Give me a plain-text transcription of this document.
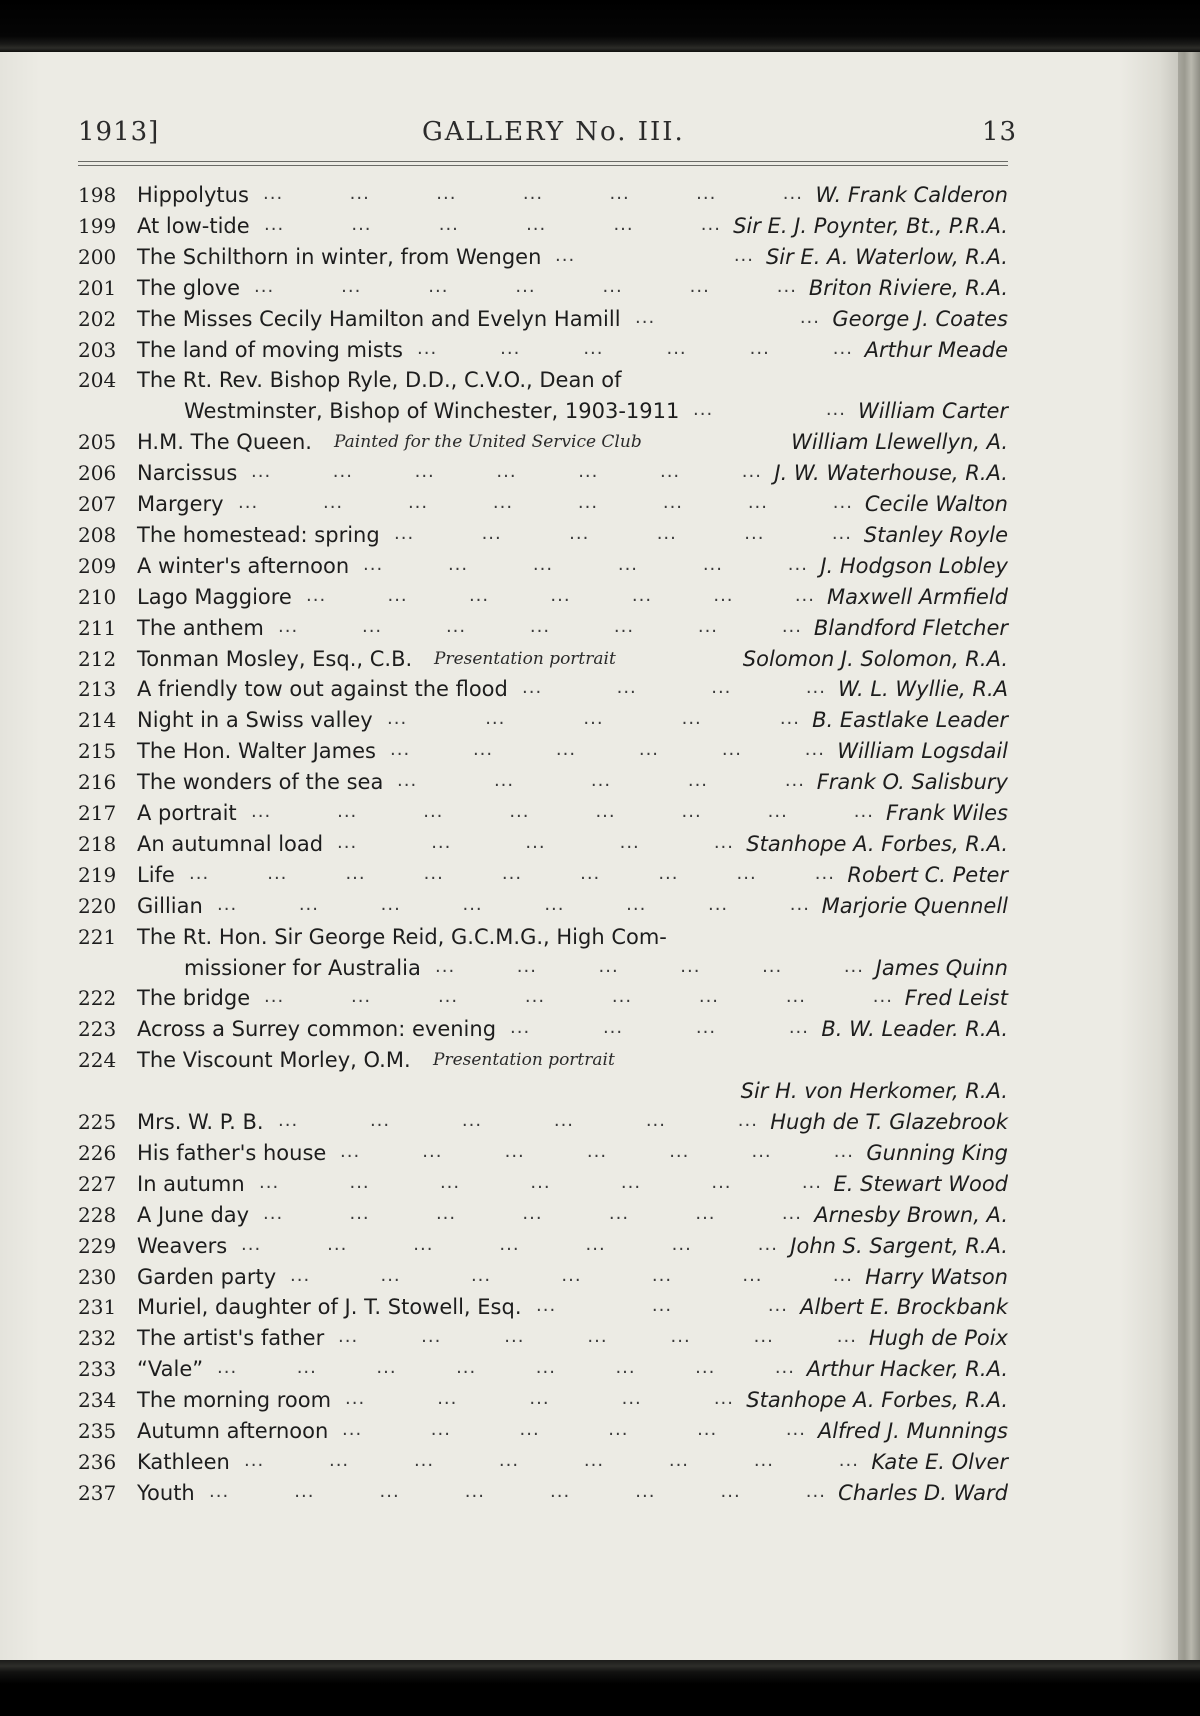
1913]	GALLERY No. III.	13
198 Hippolytus	W. Frank Calderon
...	...	...	...	...	...	...
199 At low-tide	Sir E. J. Poynter, Bt., P.R.A.
...	...	...	...	...	...
200 The Schilthorn in winter, from Wengen	Sir E. A. Waterlow, R.A.
...	...
201 The glove	Briton Riviere, R.A.
...	...	...	...	...	...	...
202 The Misses Cecily Hamilton and Evelyn Hamill	George J. Coates
...	...
203 The land of moving mists	Arthur Meade
...	...	...	...	...	...
204 The Rt. Rev. Bishop Ryle, D.D., C.V.O., Dean of
Westminster, Bishop of Winchester, 1903-1911	William Carter
...	...
205 H.M. The Queen. Painted for the United Service Club	William Llewellyn, A.
206 Narcissus	J. W. Waterhouse, R.A.
...	...	...	...	...	...	...
207 Margery	Cecile Walton
...	...	...	...	...	...	...	...
208 The homestead: spring	Stanley Royle
...	...	...	...	...	...
209 A winter's afternoon	J. Hodgson Lobley
...	...	...	...	...	...
210 Lago Maggiore	Maxwell Armfield
...	...	...	...	...	...	...
211 The anthem	Blandford Fletcher
...	...	...	...	...	...	...
212 Tonman Mosley, Esq., C.B. Presentation portrait	Solomon J. Solomon, R.A.
213 A friendly tow out against the flood	W. L. Wyllie, R.A
...	...	...	...
214 Night in a Swiss valley	B. Eastlake Leader
...	...	...	...	...
215 The Hon. Walter James	William Logsdail
...	...	...	...	...	...
216 The wonders of the sea	Frank O. Salisbury
...	...	...	...	...
217 A portrait	Frank Wiles
...	...	...	...	...	...	...	...
218 An autumnal load	Stanhope A. Forbes, R.A.
...	...	...	...	...
219 Life	Robert C. Peter
...	...	...	...	...	...	...	...	...
220 Gillian	Marjorie Quennell
...	...	...	...	...	...	...	...
221 The Rt. Hon. Sir George Reid, G.C.M.G., High Com-
missioner for Australia	James Quinn
...	...	...	...	...	...
222 The bridge	Fred Leist
...	...	...	...	...	...	...	...
223 Across a Surrey common: evening	B. W. Leader. R.A.
...	...	...	...
224 The Viscount Morley, O.M. Presentation portrait
Sir H. von Herkomer, R.A.
225 Mrs. W. P. B.	Hugh de T. Glazebrook
...	...	...	...	...	...
226 His father's house	Gunning King
...	...	...	...	...	...	...
227 In autumn	E. Stewart Wood
...	...	...	...	...	...	...
228 A June day	Arnesby Brown, A.
...	...	...	...	...	...	...
229 Weavers	John S. Sargent, R.A.
...	...	...	...	...	...	...
230 Garden party	Harry Watson
...	...	...	...	...	...	...
231 Muriel, daughter of J. T. Stowell, Esq.	Albert E. Brockbank
...	...	...
232 The artist's father	Hugh de Poix
...	...	...	...	...	...	...
233 “Vale”	Arthur Hacker, R.A.
...	...	...	...	...	...	...	...
234 The morning room	Stanhope A. Forbes, R.A.
...	...	...	...	...
235 Autumn afternoon	Alfred J. Munnings
...	...	...	...	...	...
236 Kathleen	Kate E. Olver
...	...	...	...	...	...	...	...
237 Youth	Charles D. Ward
...	...	...	...	...	...	...	...
